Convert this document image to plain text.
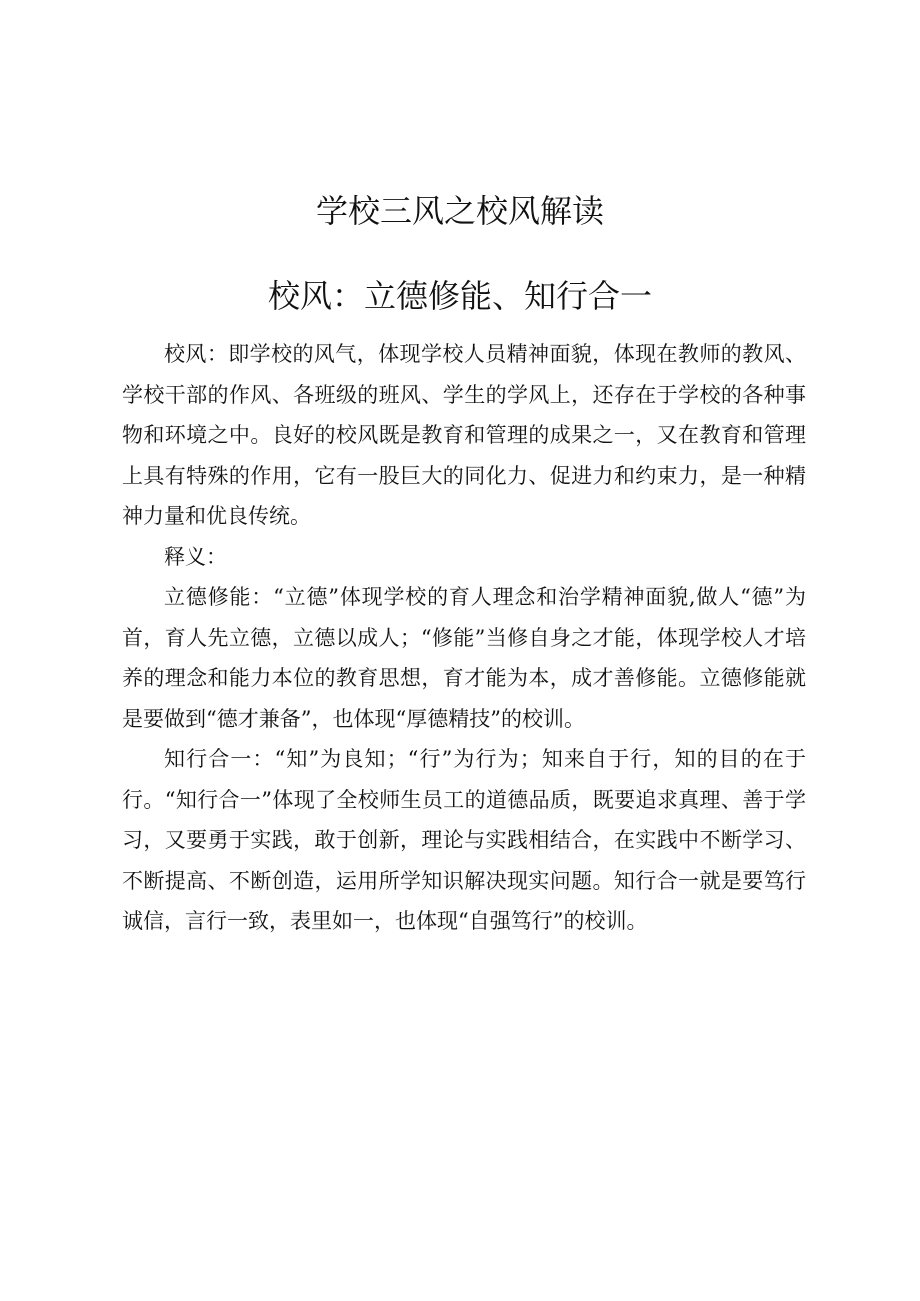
学校三风之校风解读
校风：立德修能、知行合一

校风：即学校的风气，体现学校人员精神面貌，体现在教师的教风、学校干部的作风、各班级的班风、学生的学风上，还存在于学校的各种事物和环境之中。良好的校风既是教育和管理的成果之一，又在教育和管理上具有特殊的作用，它有一股巨大的同化力、促进力和约束力，是一种精神力量和优良传统。

释义：

立德修能：“立德”体现学校的育人理念和治学精神面貌,做人“德”为首，育人先立德，立德以成人；“修能”当修自身之才能，体现学校人才培养的理念和能力本位的教育思想，育才能为本，成才善修能。立德修能就是要做到“德才兼备”，也体现“厚德精技”的校训。

知行合一：“知”为良知；“行”为行为；知来自于行，知的目的在于行。“知行合一”体现了全校师生员工的道德品质，既要追求真理、善于学习，又要勇于实践，敢于创新，理论与实践相结合，在实践中不断学习、不断提高、不断创造，运用所学知识解决现实问题。知行合一就是要笃行诚信，言行一致，表里如一，也体现“自强笃行”的校训。
